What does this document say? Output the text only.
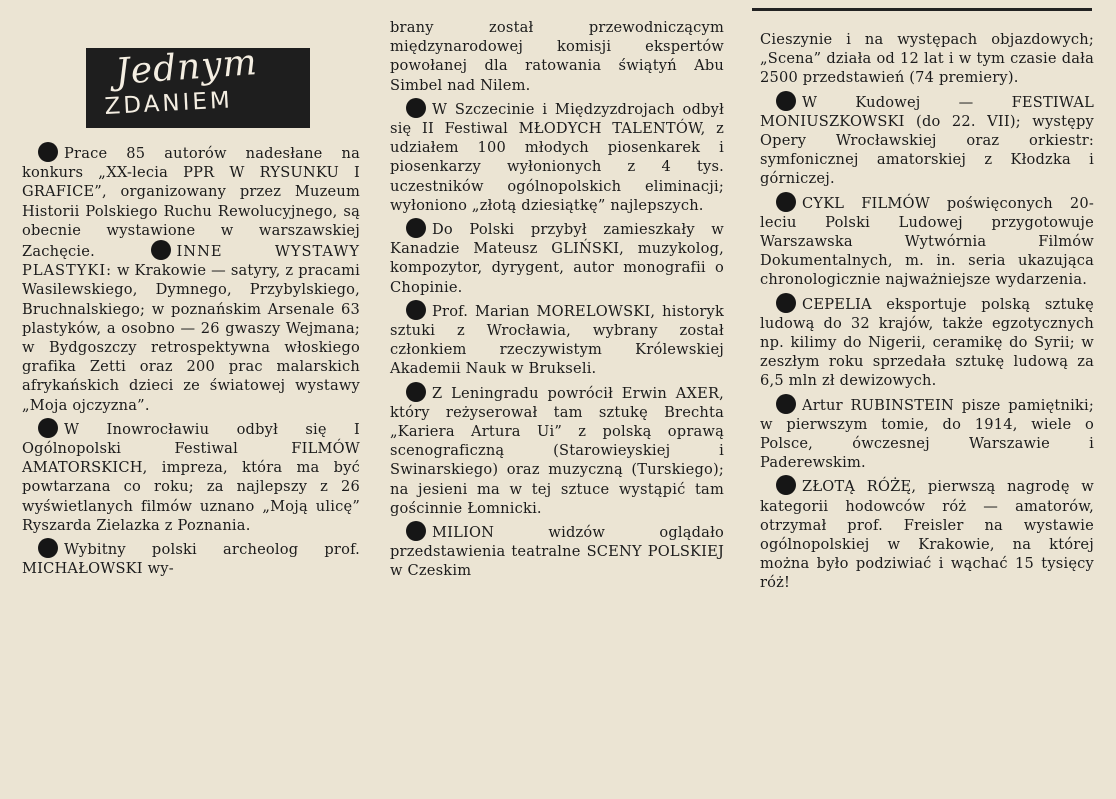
Jednym
ZDANIEM

Prace 85 autorów nadesłane na konkurs „XX-lecia PPR W RYSUNKU I GRAFICE”, organizowany przez Muzeum Historii Polskiego Ruchu Rewolucyjnego, są obecnie wystawione w warszawskiej Zachęcie.	INNE WYSTAWY PLASTYKI: w Krakowie — satyry, z pracami Wasilewskiego, Dymnego, Przybylskiego, Bruchnalskiego; w poznańskim Arsenale 63 plastyków, a osobno — 26 gwaszy Wejmana; w Bydgoszczy retrospektywna włoskiego grafika Zetti oraz 200 prac malarskich afrykańskich dzieci ze światowej wystawy „Moja ojczyzna”.

W Inowrocławiu odbył się I Ogólnopolski Festiwal FILMÓW AMATORSKICH, impreza, która ma być powtarzana co roku; za najlepszy z 26 wyświetlanych filmów uznano „Moją ulicę” Ryszarda Zielazka z Poznania.

Wybitny polski archeolog prof. MICHAŁOWSKI wy-

brany został przewodniczącym międzynarodowej komisji ekspertów powołanej dla ratowania świątyń Abu Simbel nad Nilem.

W Szczecinie i Międzyzdrojach odbył się II Festiwal MŁODYCH TALENTÓW, z udziałem 100 młodych piosenkarek i piosenkarzy wyłonionych z 4 tys. uczestników ogólnopolskich eliminacji; wyłoniono „złotą dziesiątkę” najlepszych.

Do Polski przybył zamieszkały w Kanadzie Mateusz GLIŃSKI, muzykolog, kompozytor, dyrygent, autor monografii o Chopinie.

Prof. Marian MORELOWSKI, historyk sztuki z Wrocławia, wybrany został członkiem rzeczywistym Królewskiej Akademii Nauk w Brukseli.

Z Leningradu powrócił Erwin AXER, który reżyserował tam sztukę Brechta „Kariera Artura Ui” z polską oprawą scenograficzną (Starowieyskiej i Swinarskiego) oraz muzyczną (Turskiego); na jesieni ma w tej sztuce wystąpić tam gościnnie Łomnicki.

MILION widzów oglądało przedstawienia teatralne SCENY POLSKIEJ w Czeskim

Cieszynie i na występach objazdowych; „Scena” działa od 12 lat i w tym czasie dała 2500 przedstawień (74 premiery).

W Kudowej — FESTIWAL MONIUSZKOWSKI (do 22. VII); występy Opery Wrocławskiej oraz orkiestr: symfonicznej amatorskiej z Kłodzka i górniczej.

CYKL FILMÓW poświęconych 20-leciu Polski Ludowej przygotowuje Warszawska Wytwórnia Filmów Dokumentalnych, m. in. seria ukazująca chronologicznie najważniejsze wydarzenia.

CEPELIA eksportuje polską sztukę ludową do 32 krajów, także egzotycznych np. kilimy do Nigerii, ceramikę do Syrii; w zeszłym roku sprzedała sztukę ludową za 6,5 mln zł dewizowych.

Artur RUBINSTEIN pisze pamiętniki; w pierwszym tomie, do 1914, wiele o Polsce, ówczesnej Warszawie i Paderewskim.

ZŁOTĄ RÓŻĘ, pierwszą nagrodę w kategorii hodowców róż — amatorów, otrzymał prof. Freisler na wystawie ogólnopolskiej w Krakowie, na której można było podziwiać i wąchać 15 tysięcy róż!
